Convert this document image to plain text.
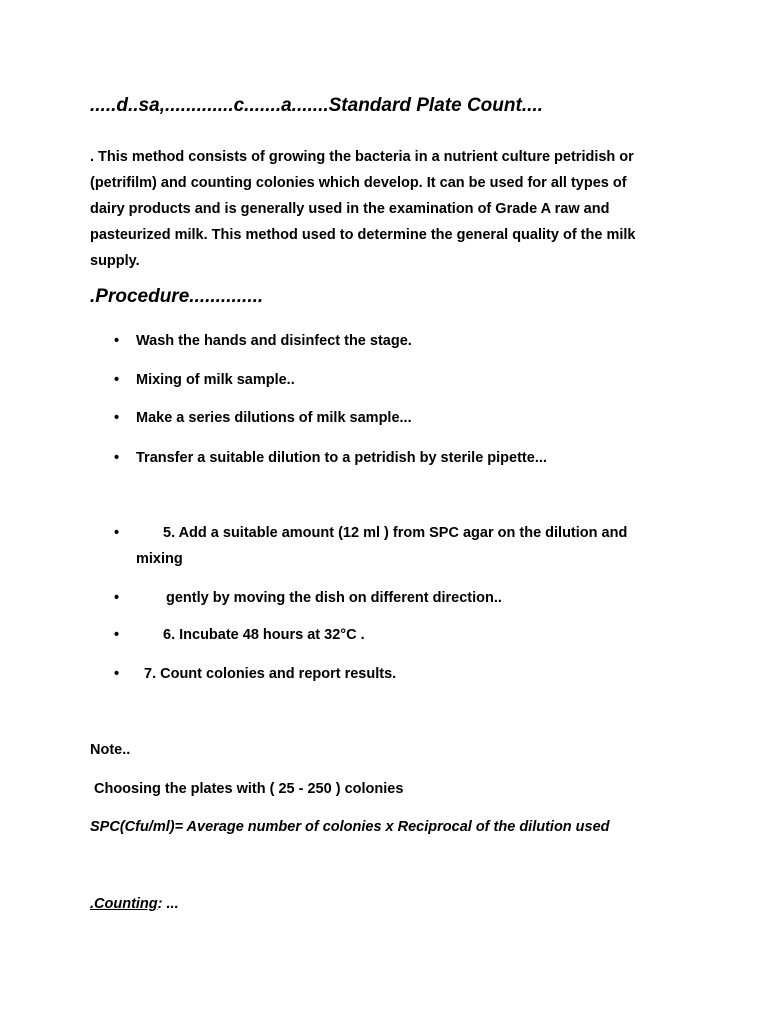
.....d..sa,.............c.......a.......Standard Plate Count....
. This method consists of growing the bacteria in a nutrient culture petridish or
(petrifilm) and counting colonies which develop. It can be used for all types of
dairy products and is generally used in the examination of Grade A raw and
pasteurized milk. This method used to determine the general quality of the milk
supply.
.Procedure..............
• Wash the hands and disinfect the stage.
• Mixing of milk sample..
• Make a series dilutions of milk sample...
• Transfer a suitable dilution to a petridish by sterile pipette...
•	5. Add a suitable amount (12 ml ) from SPC agar on the dilution and
mixing
•	gently by moving the dish on different direction..
•	6. Incubate 48 hours at 32°C .
• 7. Count colonies and report results.
Note..
Choosing the plates with ( 25 - 250 ) colonies
SPC(Cfu/ml)= Average number of colonies x Reciprocal of the dilution used
.Counting: ...
